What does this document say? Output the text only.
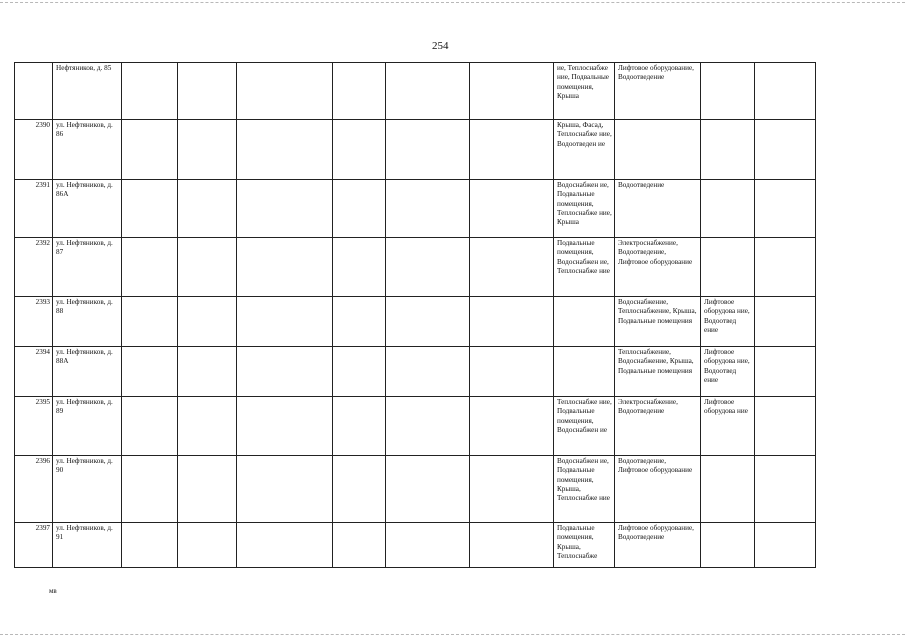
254
	Нефтяников, д. 85							ие, Теплоснабже ние, Подвальные помещения, Крыша	Лифтовое оборудование, Водоотведение		
2390	ул. Нефтяников, д. 86							Крыша, Фасад, Теплоснабже ние, Водоотведен ие			
2391	ул. Нефтяников, д. 86А							Водоснабжен ие, Подвальные помещения, Теплоснабже ние, Крыша	Водоотведение		
2392	ул. Нефтяников, д. 87							Подвальные помещения, Водоснабжен ие, Теплоснабже ние	Электроснабжение, Водоотведение, Лифтовое оборудование		
2393	ул. Нефтяников, д. 88								Водоснабжение, Теплоснабжение, Крыша, Подвальные помещения	Лифтовое оборудова ние, Водоотвед ение	
2394	ул. Нефтяников, д. 88А								Теплоснабжение, Водоснабжение, Крыша, Подвальные помещения	Лифтовое оборудова ние, Водоотвед ение	
2395	ул. Нефтяников, д. 89							Теплоснабже ние, Подвальные помещения, Водоснабжен ие	Электроснабжение, Водоотведение	Лифтовое оборудова ние	
2396	ул. Нефтяников, д. 90							Водоснабжен ие, Подвальные помещения, Крыша, Теплоснабже ние	Водоотведение, Лифтовое оборудование		
2397	ул. Нефтяников, д. 91							Подвальные помещения, Крыша, Теплоснабже	Лифтовое оборудование, Водоотведение		
мв
